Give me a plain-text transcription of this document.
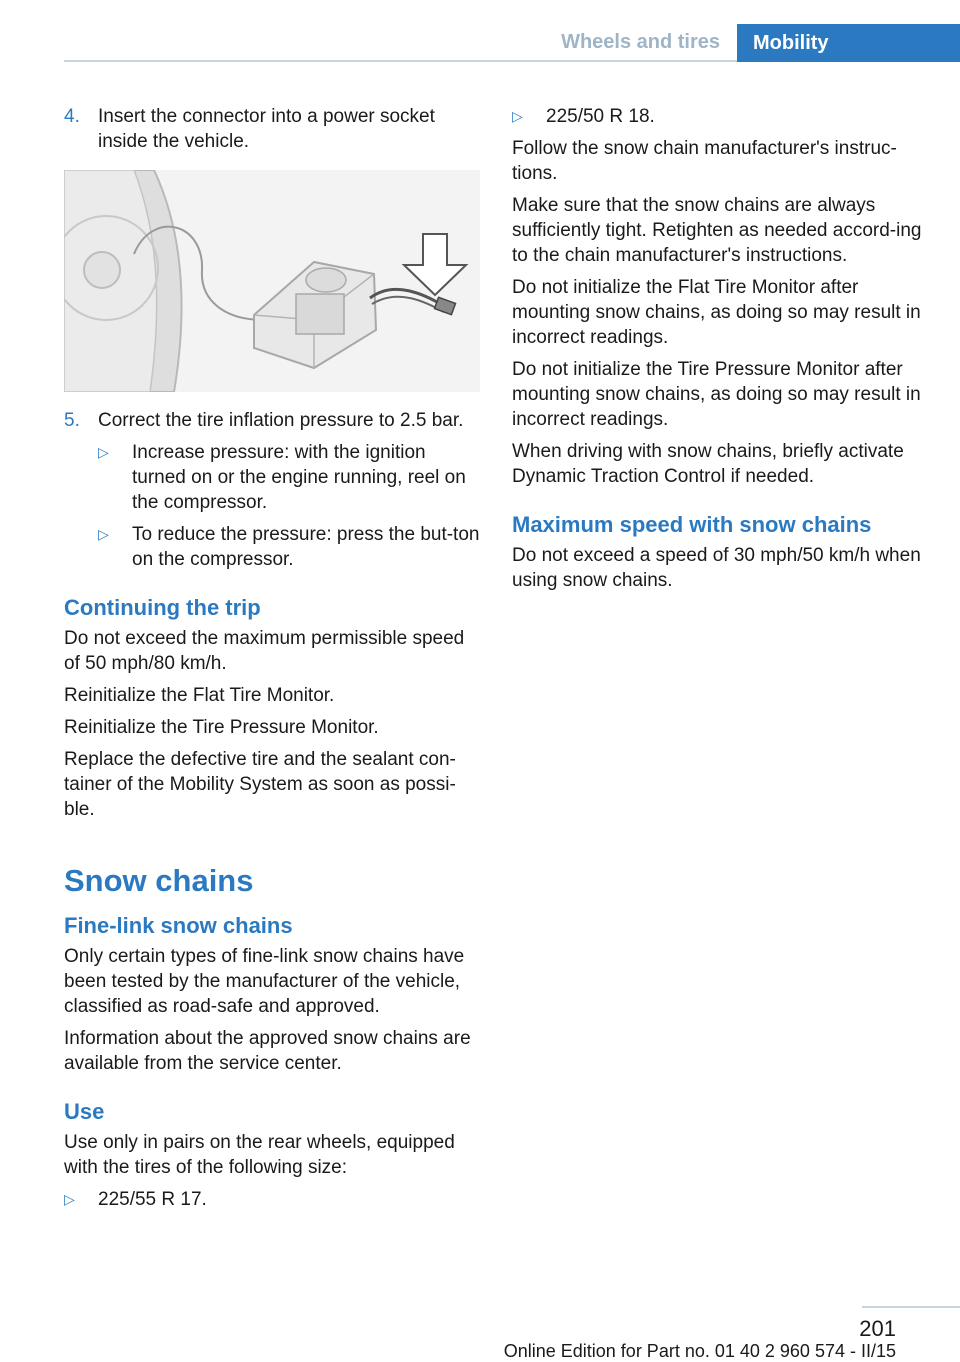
Wheels and tires	Mobility
4. Insert the connector into a power socket inside the vehicle.
5. Correct the tire inflation pressure to 2.5 bar.
▷	Increase pressure: with the ignition turned on or the engine running, reel on the compressor.
▷	To reduce the pressure: press the but-ton on the compressor.
Continuing the trip

Do not exceed the maximum permissible speed of 50 mph/80 km/h.

Reinitialize the Flat Tire Monitor.

Reinitialize the Tire Pressure Monitor.

Replace the defective tire and the sealant con-tainer of the Mobility System as soon as possi-ble.

Snow chains
Fine-link snow chains

Only certain types of fine-link snow chains have been tested by the manufacturer of the vehicle, classified as road-safe and approved.

Information about the approved snow chains are available from the service center.

Use

Use only in pairs on the rear wheels, equipped with the tires of the following size:

▷	225/55 R 17.
▷	225/50 R 18.

Follow the snow chain manufacturer's instruc-tions.

Make sure that the snow chains are always sufficiently tight. Retighten as needed accord-ing to the chain manufacturer's instructions.

Do not initialize the Flat Tire Monitor after mounting snow chains, as doing so may result in incorrect readings.

Do not initialize the Tire Pressure Monitor after mounting snow chains, as doing so may result in incorrect readings.

When driving with snow chains, briefly activate Dynamic Traction Control if needed.

Maximum speed with snow chains

Do not exceed a speed of 30 mph/50 km/h when using snow chains.

201
Online Edition for Part no. 01 40 2 960 574 - II/15
